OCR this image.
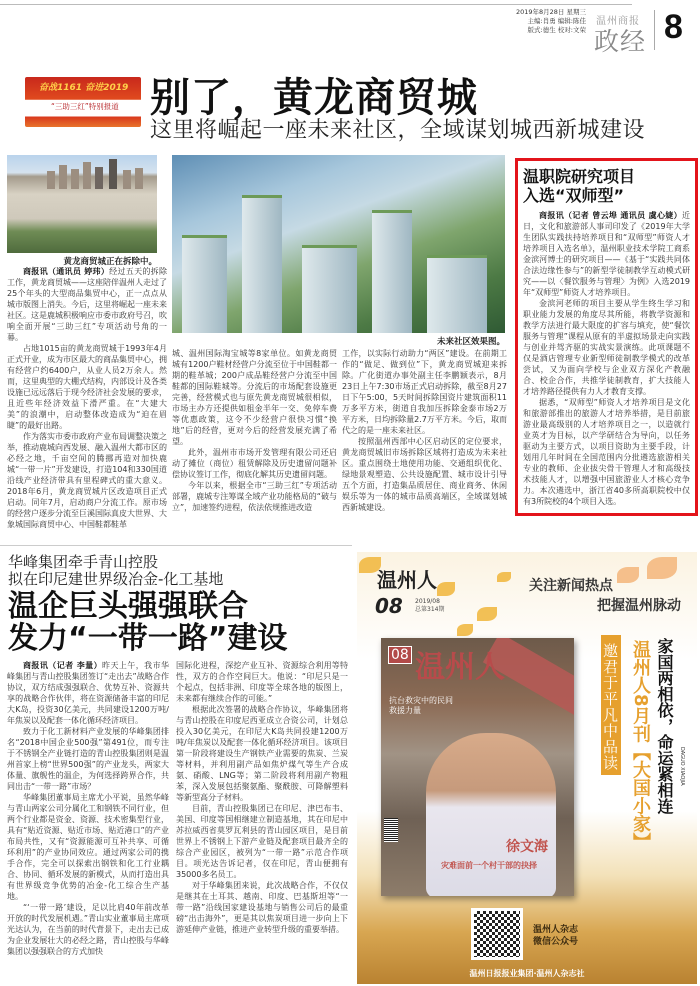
2019年8月28日 星期三
主编:肖勇 编辑:陈佳
版式:德生 校对:文荣
温州商报
政经 8
奋战1161 奋进2019
“三助三红”特别报道 别了，黄龙商贸城
这里将崛起一座未来社区，全域谋划城西新城建设
黄龙商贸城正在拆除中。
未来社区效果图。

商报讯（通讯员 婷玮）经过五天的拆除工作，黄龙商贸城——这座陪伴温州人走过了25个年头的大型商品集贸中心，正一点点从城市版图上消失。今后，这里将崛起一座未来社区。这是鹿城积极响应市委市政府号召，吹响全面开展“三助三红”专项活动号角的一幕。

占地1015亩的黄龙商贸城于1993年4月正式开业，成为市区最大的商品集贸中心，拥有经营户约6400户，从业人员2万余人。然而，这里典型的大棚式结构，内部设计及各类设施已远远落后于现今经济社会发展的要求，且近些年经济效益下滑严重。在“大建大美”的浪潮中，启动整体改造成为“迫在眉睫”的最好出路。

作为落实市委市政府产业布局调整决策之举，推动鹿城向西发展、融入温州大都市区的必经之地，千亩空间的腾挪再造对加快鹿城“一带一片”开发建设，打造104和330国道沿线产业经济带具有里程碑式的重大意义。2018年6月，黄龙商贸城片区改造项目正式启动。同年7月，启动商户分流工作。原市场的经营户逐步分流至巨溪国际真皮大世界、大象城国际商贸中心、中国鞋都鞋革

城、温州国际淘宝城等8家单位。如黄龙商贸城有1200户鞋材经营户分流至位于中国鞋都一期的鞋革城；200户成品鞋经营户分流至中国鞋都的国际鞋城等。分流后的市场配套设施更完善，经营模式也与原先黄龙商贸城很相似，市场主办方还提供如租金半年一交、免停车费等优惠政策，这令不少经营户很快习惯“换地”后的经营，更对今后的经营发展充满了希望。

此外，温州市市场开发管理有限公司还启动了摊位（商位）租赁解除及历史遗留问题补偿协议签订工作，彻底化解其历史遗留问题。

今年以来，根据全市“三助三红”专项活动部署，鹿城专注筹谋全域产业功能格局的“破与立”，加速签约进程，依法依规推进改造

工作，以实际行动助力“两区”建设。在前期工作的“做足、做到位”下，黄龙商贸城迎来拆除。广化街道办事处副主任李鹏颖表示，8月23日上午7:30市场正式启动拆除，截至8月27日下午5:00，5天时间拆除国资片建筑面积11万多平方米，街道自我加压拆除金泰市场2万平方米，日均拆除量2.7万平方米。今后，取而代之的是一座未来社区。

按照温州西部中心区启动区的定位要求，黄龙商贸城旧市场拆除区域将打造成为未来社区。重点围绕土地使用功能、交通组织优化、绿地景观塑造、公共设施配置、城市设计引导五个方面，打造集品质居住、商业商务、休闲娱乐等为一体的城市品质高端区，全域谋划城西新城建设。

温职院研究项目
入选“双师型”

商报讯（记者 曾云埠 通讯员 虞心婕）近日，文化和旅游部人事司印发了《2019年大学生团队实践扶持培养项目和“双师型”师资人才培养项目入选名单》，温州职业技术学院工商系金滨河博士的研究项目——《基于“实践共同体合法边缘性参与”的新型学徒制教学互动模式研究——以〈餐饮服务与管理〉为例》入选2019年“双师型”师资人才培养项目。

金滨河老师的项目主要从学生终生学习和职业能力发展的角度尽其所能，将教学资源和教学方法进行最大限度的扩容与填充，使“餐饮服务与管理”课程从原有的半虚拟场景走向实践与创业并驾齐驱的实战实景演练。此项课题不仅是酒店管理专业新型师徒制教学模式的改革尝试，又为面向学校与企业双方深化产教融合、校企合作，共推学徒制教育，扩大技能人才培养路径提供有力人才教育支撑。

据悉，“双师型”师资人才培养项目是文化和旅游部推出的旅游人才培养举措，是目前旅游业最高级别的人才培养项目之一，以造就行业英才为目标，以产学研结合为导向，以任务驱动为主要方式，以项目资助为主要手段，计划用几年时间在全国范围内分批遴选旅游相关专业的教师、企业拔尖骨干管理人才和高级技术技能人才，以增强中国旅游业人才核心竞争力。本次遴选中，浙江省40多所高职院校中仅有3所院校的4个项目入选。

华峰集团牵手青山控股
拟在印尼建世界级冶金-化工基地
温企巨头强强联合
发力“一带一路”建设

商报讯（记者 李量）昨天上午，我市华峰集团与青山控股集团签订“走出去”战略合作协议，双方结成强强联合、优势互补、资源共享的战略合作伙伴，将在资源储备丰富的印尼大K岛，投资30亿美元，共同建设1200万吨/年焦炭以及配套一体化循环经济项目。

致力于化工新材料产业发展的华峰集团排名“2018中国企业500强”第491位，而专注于不锈钢全产业链打造的青山控股集团则是温州首家上榜“世界500强”的产业龙头，两家大体量、旗舰性的温企，为何选择跨界合作，共同出击“一带一路”市场？

华峰集团董事局主席尤小平说，虽然华峰与青山两家公司分属化工和钢铁不同行业，但两个行业都是资金、资源、技术密集型行业，具有“贴近资源、贴近市场、贴近港口”的产业布局共性，又有“资源能源可互补共享、可循环利用”的产业协同效应。通过两家公司的携手合作，完全可以探索出钢铁和化工行业耦合、协同、循环发展的新模式，从而打造出具有世界级竞争优势的冶金-化工综合生产基地。

“‘一带一路’建设，足以比肩40年前改革开放的时代发展机遇。”青山实业董事局主席项光达认为，在当前的时代背景下，走出去已成为企业发展壮大的必经之路，青山控股与华峰集团以强强联合的方式加快

国际化进程，深挖产业互补、资源综合利用等特性，双方的合作空间巨大。他说：“印尼只是一个起点，包括非洲、印度等全球各地的版图上，未来都有继续合作的可能。”

根据此次签署的战略合作协议，华峰集团将与青山控股在印度尼西亚成立合资公司，计划总投入30亿美元，在印尼大K岛共同投建1200万吨/年焦炭以及配套一体化循环经济项目。该项目第一阶段将建设生产钢铁产业需要的焦炭、兰炭等材料，并利用副产品如焦炉煤气等生产合成氨、硝酸、LNG等；第二阶段将利用副产物粗苯，深入发展包括聚氨酯、聚酰胺、可降解塑料等新型高分子材料。

目前，青山控股集团已在印尼、津巴布韦、美国、印度等国相继建立制造基地，其在印尼中苏拉威西省莫罗瓦利县的青山园区项目，是目前世界上不锈钢上下游产业链及配套项目最齐全的综合产业园区，被列为“一带一路”示范合作项目。项光达告诉记者，仅在印尼，青山便拥有35000多名员工。

对于华峰集团来说，此次战略合作，不仅仅是继其在土耳其、越南、印度、巴基斯坦等“一带一路”沿线国家建设基地与销售公司后的最重磅“出击海外”，更是其以焦炭项目进一步向上下游延伸产业链，推进产业转型升级的重要举措。

温州人
08 2019/08
总第314期
关注新闻热点
把握温州脉动
08 温州人
抗台救灾中的民间救援力量
徐文海
灾难面前一个村干部的抉择
邀君于平凡中品读家国情怀	温州人8月刊【大国小家】 家国两相依，命运紧相连	DAGUO XIAOJIA
温州人杂志
微信公众号
温州日报报业集团·温州人杂志社
